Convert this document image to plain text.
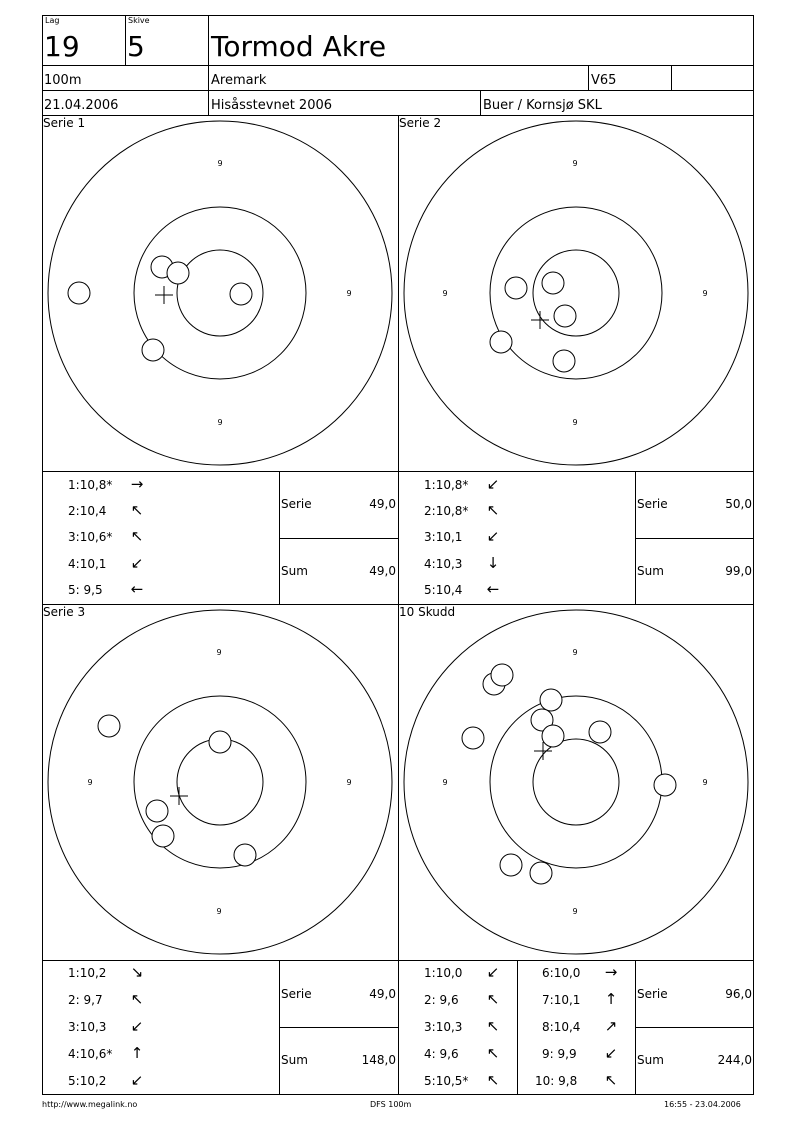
Lag
19
Skive
5 Tormod Akre
100m	Aremark	V65
21.04.2006	Hisåsstevnet 2006	Buer / Kornsjø SKL
Serie 1	Serie 2
Serie 3	10 Skudd
9
9
9
9
9
9	9
9
9
9	9
9
9
9	9
1:10,8* →
2:10,4 ↖
3:10,6* ↖
4:10,1 ↙
5: 9,5 ←
Serie	49,0
Sum	49,0
1:10,8* ↙
2:10,8* ↖
3:10,1 ↙
4:10,3 ↓
5:10,4 ←
Serie	50,0
Sum	99,0
1:10,2 ↘
2: 9,7 ↖
3:10,3 ↙
4:10,6* ↑
5:10,2 ↙
Serie	49,0
Sum	148,0
1:10,0 ↙
2: 9,6 ↖
3:10,3 ↖
4: 9,6 ↖
5:10,5* ↖
6:10,0 →
7:10,1 ↑
8:10,4 ↗
9: 9,9 ↙
10: 9,8 ↖
Serie	96,0
Sum	244,0
http://www.megalink.no	DFS 100m	16:55 - 23.04.2006
